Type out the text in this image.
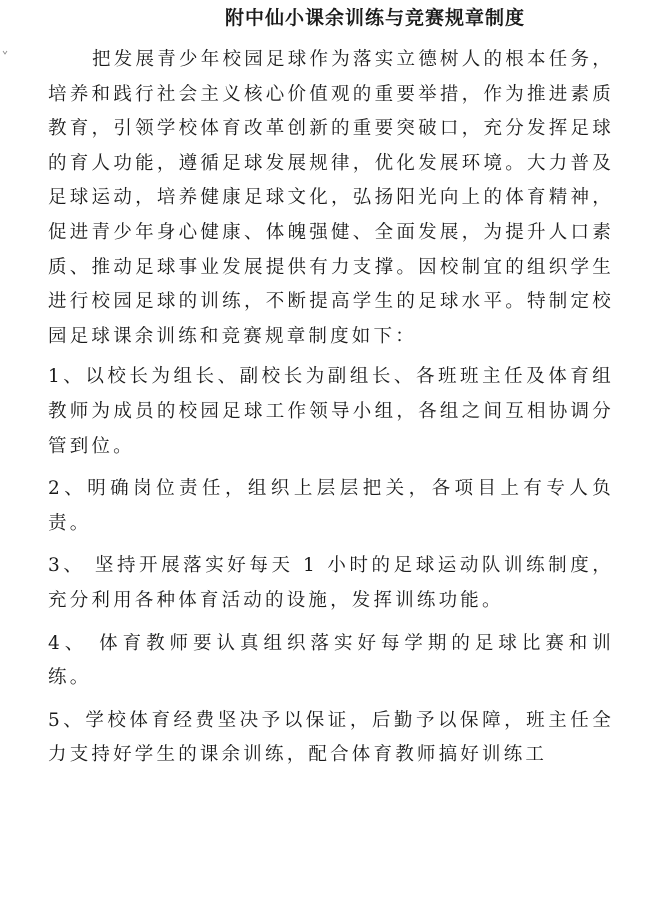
附中仙小课余训练与竞赛规章制度

把发展青少年校园足球作为落实立德树人的根本任务，培养和践行社会主义核心价值观的重要举措，作为推进素质教育，引领学校体育改革创新的重要突破口，充分发挥足球的育人功能，遵循足球发展规律，优化发展环境。大力普及足球运动，培养健康足球文化，弘扬阳光向上的体育精神，促进青少年身心健康、体魄强健、全面发展，为提升人口素质、推动足球事业发展提供有力支撑。因校制宜的组织学生进行校园足球的训练，不断提高学生的足球水平。特制定校园足球课余训练和竞赛规章制度如下：

1、以校长为组长、副校长为副组长、各班班主任及体育组教师为成员的校园足球工作领导小组，各组之间互相协调分管到位。

2、明确岗位责任，组织上层层把关，各项目上有专人负责。

3、 坚持开展落实好每天 1 小时的足球运动队训练制度，充分利用各种体育活动的设施，发挥训练功能。

4、 体育教师要认真组织落实好每学期的足球比赛和训练。

5、学校体育经费坚决予以保证，后勤予以保障，班主任全力支持好学生的课余训练，配合体育教师搞好训练工
